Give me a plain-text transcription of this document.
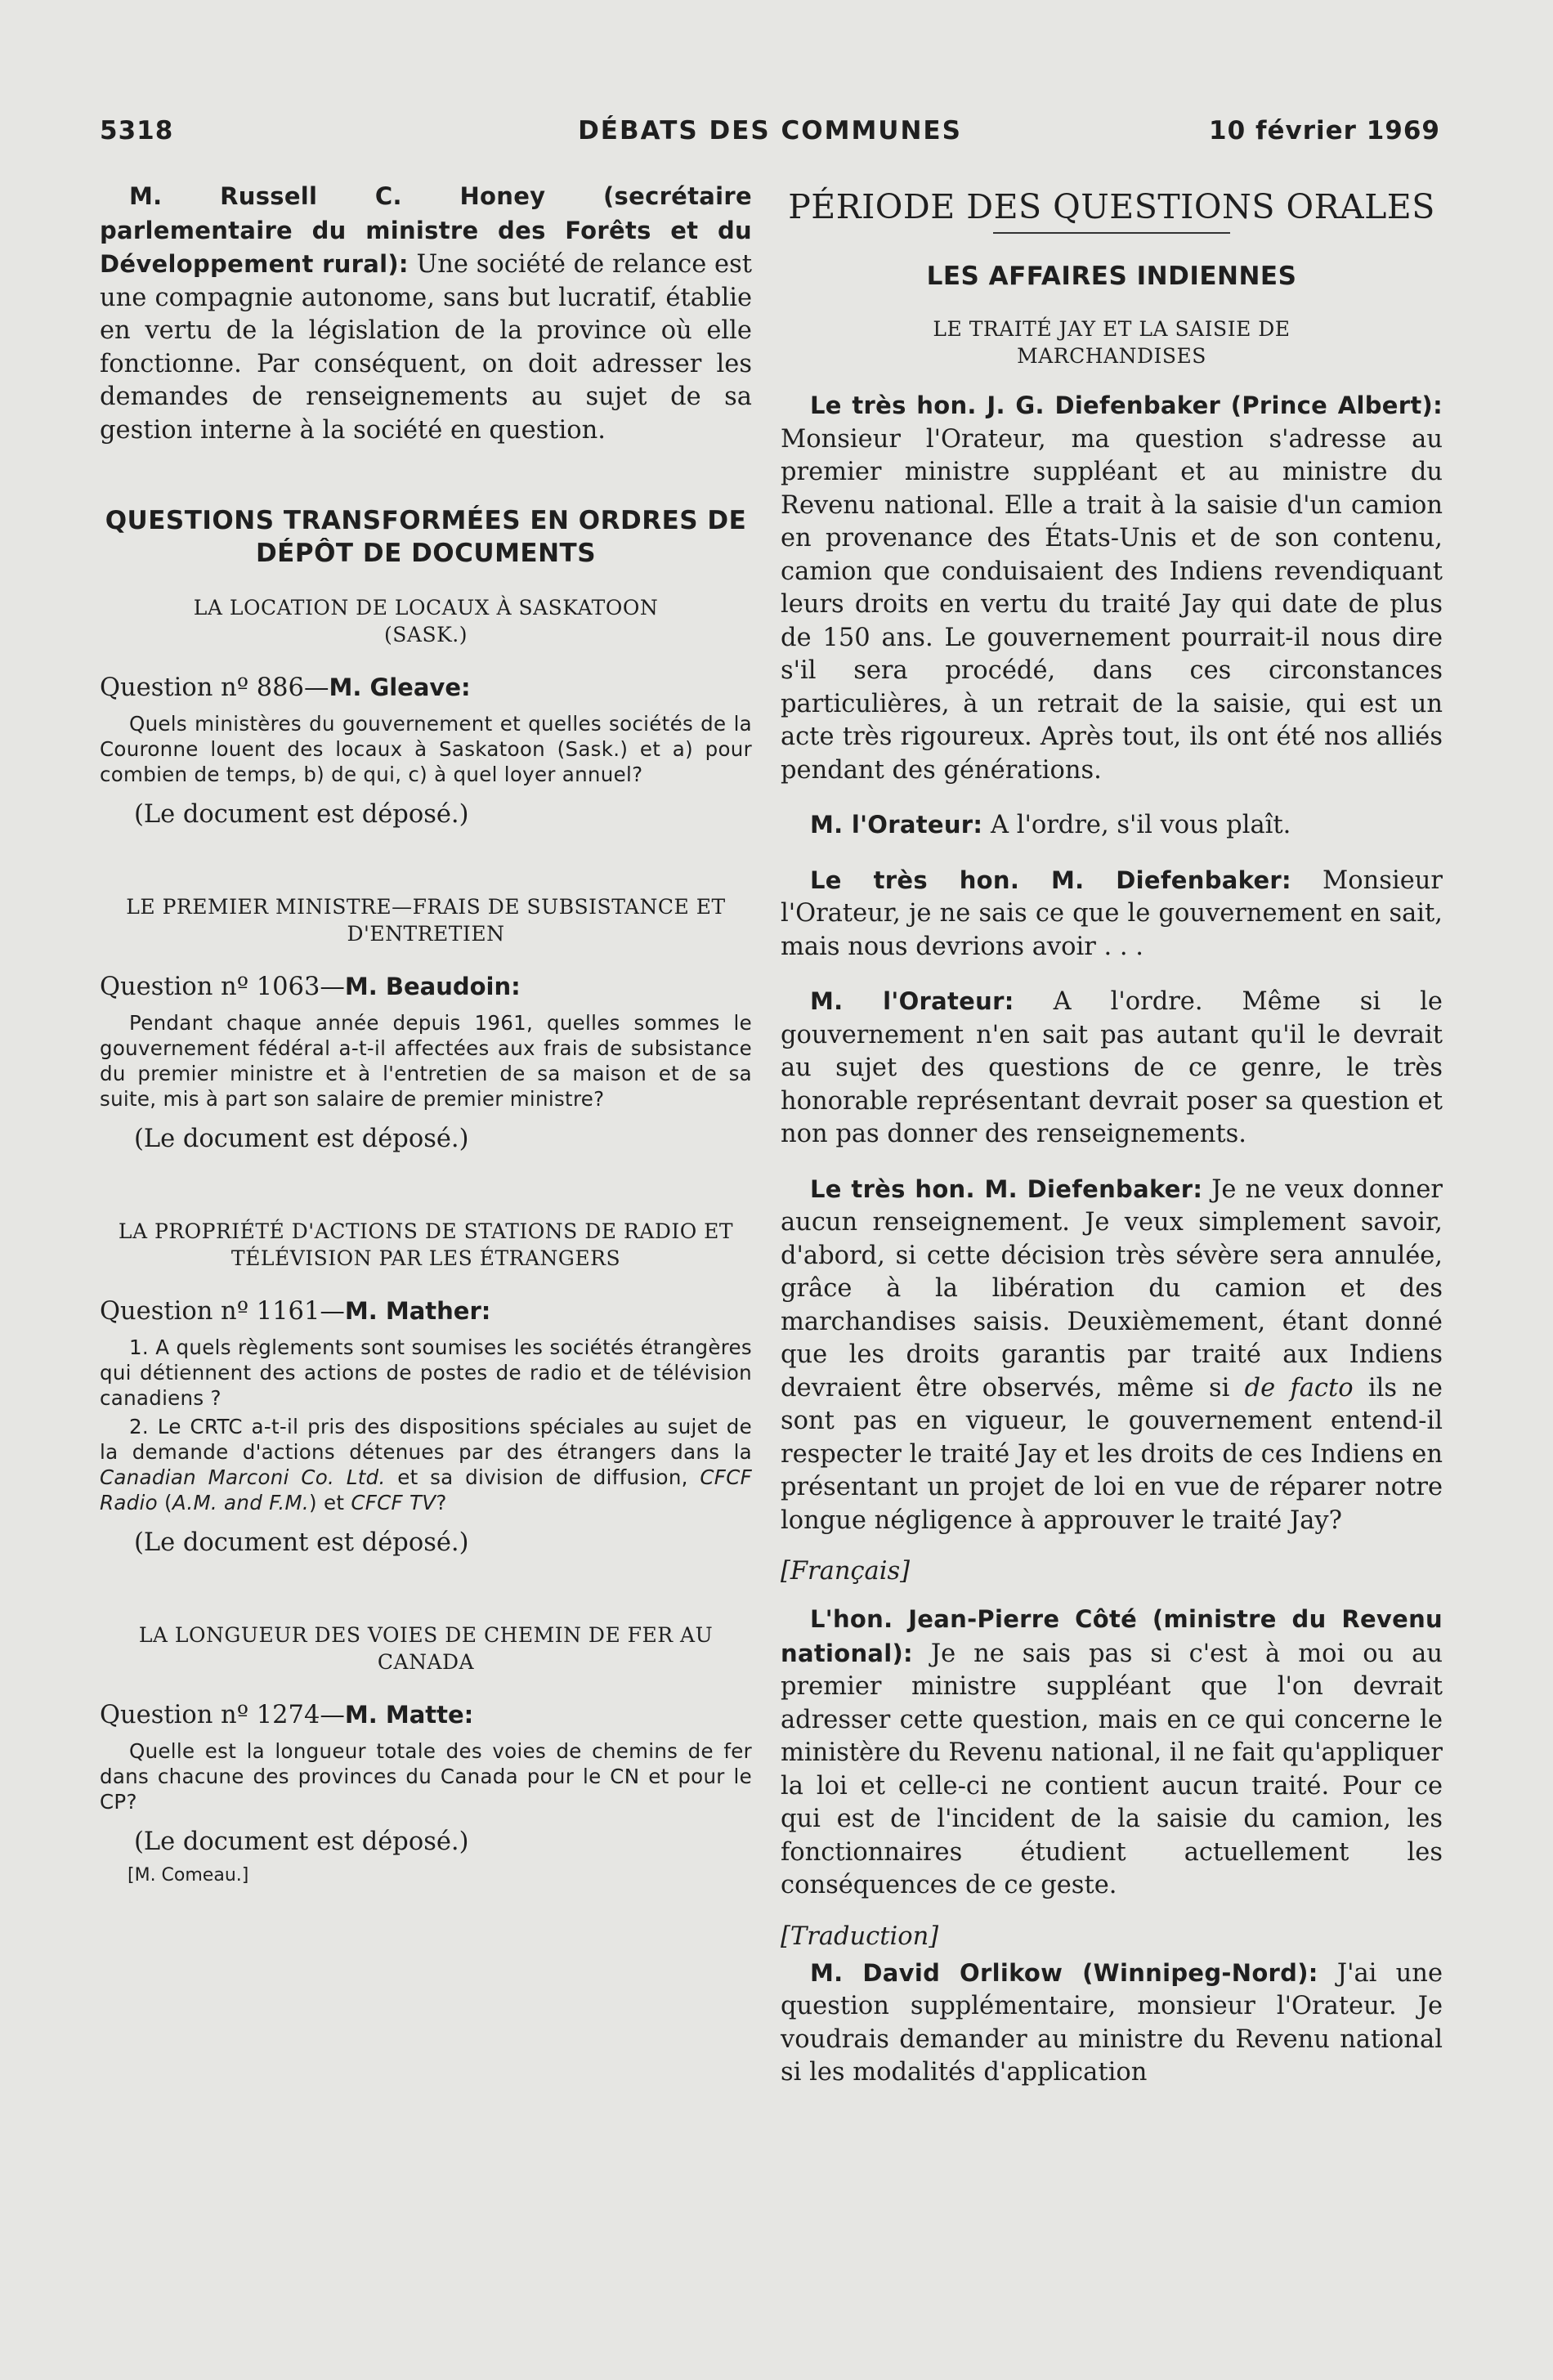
5318	DÉBATS DES COMMUNES	10 février 1969

M. Russell C. Honey (secrétaire parlementaire du ministre des Forêts et du Développement rural): Une société de relance est une compagnie autonome, sans but lucratif, établie en vertu de la législation de la province où elle fonctionne. Par conséquent, on doit adresser les demandes de renseignements au sujet de sa gestion interne à la société en question.

QUESTIONS TRANSFORMÉES EN ORDRES DE DÉPÔT DE DOCUMENTS
LA LOCATION DE LOCAUX À SASKATOON (SASK.)

Question nº 886—M. Gleave:

Quels ministères du gouvernement et quelles sociétés de la Couronne louent des locaux à Saskatoon (Sask.) et a) pour combien de temps, b) de qui, c) à quel loyer annuel?

(Le document est déposé.)

LE PREMIER MINISTRE—FRAIS DE SUBSISTANCE ET D'ENTRETIEN

Question nº 1063—M. Beaudoin:

Pendant chaque année depuis 1961, quelles sommes le gouvernement fédéral a-t-il affectées aux frais de subsistance du premier ministre et à l'entretien de sa maison et de sa suite, mis à part son salaire de premier ministre?

(Le document est déposé.)

LA PROPRIÉTÉ D'ACTIONS DE STATIONS DE RADIO ET TÉLÉVISION PAR LES ÉTRANGERS

Question nº 1161—M. Mather:

1. A quels règlements sont soumises les sociétés étrangères qui détiennent des actions de postes de radio et de télévision canadiens ?

2. Le CRTC a-t-il pris des dispositions spéciales au sujet de la demande d'actions détenues par des étrangers dans la Canadian Marconi Co. Ltd. et sa division de diffusion, CFCF Radio (A.M. and F.M.) et CFCF TV?

(Le document est déposé.)

LA LONGUEUR DES VOIES DE CHEMIN DE FER AU CANADA

Question nº 1274—M. Matte:

Quelle est la longueur totale des voies de chemins de fer dans chacune des provinces du Canada pour le CN et pour le CP?

(Le document est déposé.)

[M. Comeau.]

PÉRIODE DES QUESTIONS ORALES
LES AFFAIRES INDIENNES
LE TRAITÉ JAY ET LA SAISIE DE MARCHANDISES

Le très hon. J. G. Diefenbaker (Prince Albert): Monsieur l'Orateur, ma question s'adresse au premier ministre suppléant et au ministre du Revenu national. Elle a trait à la saisie d'un camion en provenance des États-Unis et de son contenu, camion que conduisaient des Indiens revendiquant leurs droits en vertu du traité Jay qui date de plus de 150 ans. Le gouvernement pourrait-il nous dire s'il sera procédé, dans ces circonstances particulières, à un retrait de la saisie, qui est un acte très rigoureux. Après tout, ils ont été nos alliés pendant des générations.

M. l'Orateur: A l'ordre, s'il vous plaît.

Le très hon. M. Diefenbaker: Monsieur l'Orateur, je ne sais ce que le gouvernement en sait, mais nous devrions avoir . . .

M. l'Orateur: A l'ordre. Même si le gouvernement n'en sait pas autant qu'il le devrait au sujet des questions de ce genre, le très honorable représentant devrait poser sa question et non pas donner des renseignements.

Le très hon. M. Diefenbaker: Je ne veux donner aucun renseignement. Je veux simplement savoir, d'abord, si cette décision très sévère sera annulée, grâce à la libération du camion et des marchandises saisis. Deuxièmement, étant donné que les droits garantis par traité aux Indiens devraient être observés, même si de facto ils ne sont pas en vigueur, le gouvernement entend-il respecter le traité Jay et les droits de ces Indiens en présentant un projet de loi en vue de réparer notre longue négligence à approuver le traité Jay?

[Français]

L'hon. Jean-Pierre Côté (ministre du Revenu national): Je ne sais pas si c'est à moi ou au premier ministre suppléant que l'on devrait adresser cette question, mais en ce qui concerne le ministère du Revenu national, il ne fait qu'appliquer la loi et celle-ci ne contient aucun traité. Pour ce qui est de l'incident de la saisie du camion, les fonctionnaires étudient actuellement les conséquences de ce geste.

[Traduction]

M. David Orlikow (Winnipeg-Nord): J'ai une question supplémentaire, monsieur l'Orateur. Je voudrais demander au ministre du Revenu national si les modalités d'application
